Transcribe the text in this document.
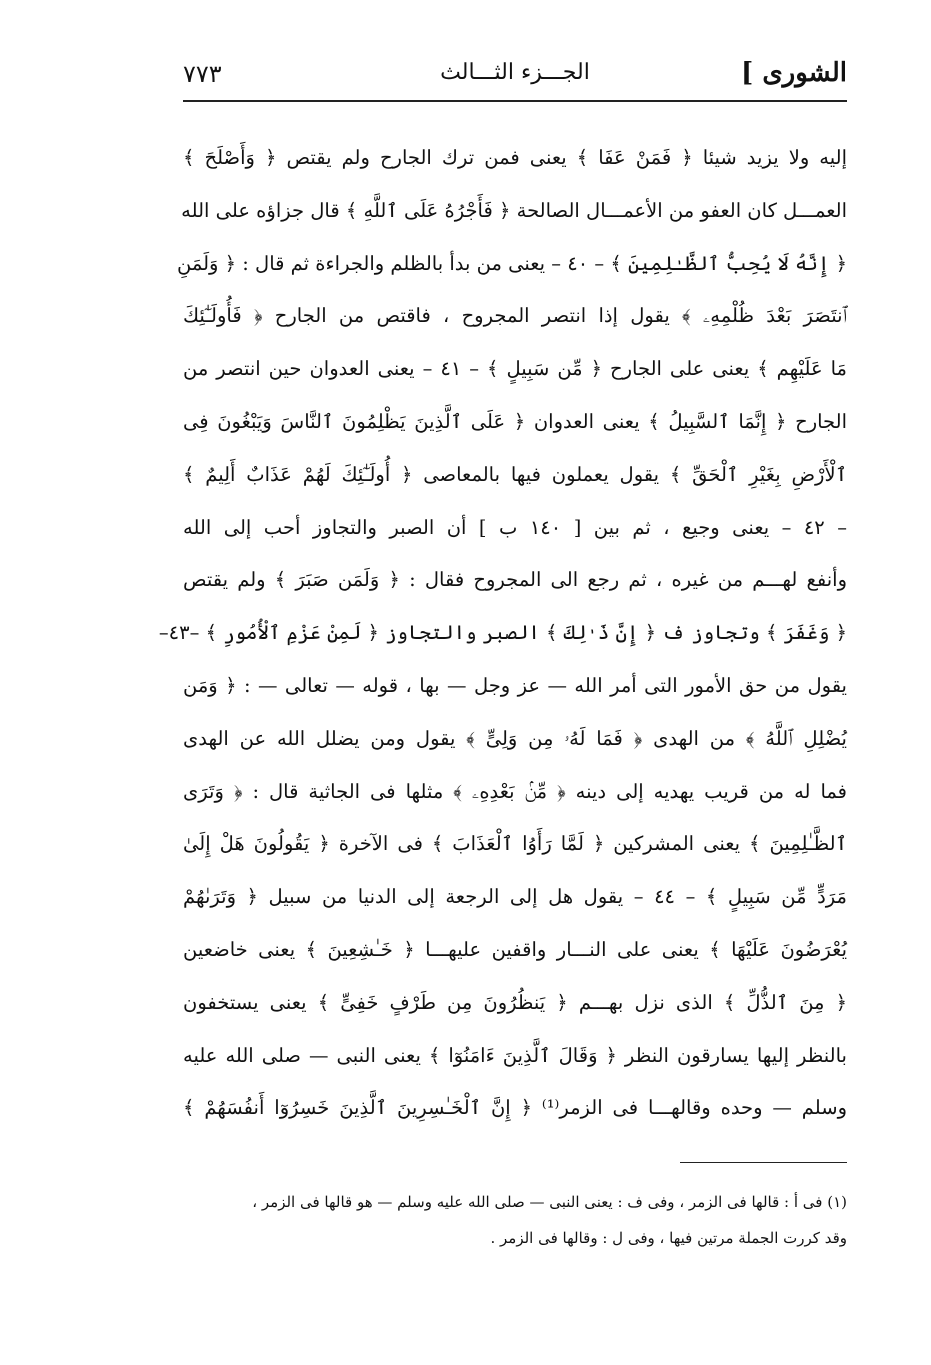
الشورى ]
الجـــزء الثـــالث
٧٧٣
إليه ولا يزيد شيئا ﴿ فَمَنْ عَفَا ﴾ يعنى فمن ترك الجارح ولم يقتص ﴿ وَأَصْلَحَ ﴾
العمـــل كان العفو من الأعمـــال الصالحة ﴿ فَأَجْرُهُ عَلَى ٱللَّهِ ﴾ قال جزاؤه على الله
﴿ إِنَّهُ لَا يُحِبُّ ٱلظَّـٰلِمِينَ ﴾ – ٤٠ – يعنى من بدأ بالظلم والجراءة ثم قال : ﴿ وَلَمَنِ
ٱنتَصَرَ بَعْدَ ظُلْمِهِۦ ﴾ يقول إذا انتصر المجروح ، فاقتص من الجارح ﴿ فَأُولَـٰٓئِكَ
مَا عَلَيْهِم ﴾ يعنى على الجارح ﴿ مِّن سَبِيلٍ ﴾ – ٤١ – يعنى العدوان حين انتصر من
الجارح ﴿ إِنَّمَا ٱلسَّبِيلُ ﴾ يعنى العدوان ﴿ عَلَى ٱلَّذِينَ يَظْلِمُونَ ٱلنَّاسَ وَيَبْغُونَ فِى
ٱلْأَرْضِ بِغَيْرِ ٱلْحَقِّ ﴾ يقول يعملون فيها بالمعاصى ﴿ أُولَـٰٓئِكَ لَهُمْ عَذَابٌ أَلِيمٌ ﴾
– ٤٢ – يعنى وجيع ، ثم بين [ ١٤٠ ب ] أن الصبر والتجاوز أحب إلى الله
وأنفع لهـــم من غيره ، ثم رجع الى المجروح فقال : ﴿ وَلَمَن صَبَرَ ﴾ ولم يقتص
﴿ وَغَفَرَ ﴾ وتجاوز ف ﴿ إِنَّ ذَ ٰلِكَ ﴾ الصبر والتجاوز ﴿ لَمِنْ عَزْمِ ٱلْأُمُورِ ﴾ –٤٣–
يقول من حق الأمور التى أمر الله — عز وجل — بها ، قوله — تعالى — : ﴿ وَمَن
يُضْلِلِ ٱللَّهُ ﴾ من الهدى ﴿ فَمَا لَهُۥ مِن وَلِىٍّ ﴾ يقول ومن يضلل الله عن الهدى
فما له من قريب يهديه إلى دينه ﴿ مِّنۢ بَعْدِهِۦ ﴾ مثلها فى الجاثية قال : ﴿ وَتَرَى
ٱلظَّـٰلِمِينَ ﴾ يعنى المشركين ﴿ لَمَّا رَأَوُا ٱلْعَذَابَ ﴾ فى الآخرة ﴿ يَقُولُونَ هَلْ إِلَىٰ
مَرَدٍّ مِّن سَبِيلٍ ﴾ – ٤٤ – يقول هل إلى الرجعة إلى الدنيا من سبيل ﴿ وَتَرَىٰهُمْ
يُعْرَضُونَ عَلَيْهَا ﴾ يعنى على النـــار واقفين عليهـــا ﴿ خَـٰشِعِينَ ﴾ يعنى خاضعين
﴿ مِنَ ٱلذُّلِّ ﴾ الذى نزل بهـــم ﴿ يَنظُرُونَ مِن طَرْفٍ خَفِىٍّ ﴾ يعنى يستخفون
بالنظر إليها يسارقون النظر ﴿ وَقَالَ ٱلَّذِينَ ءَامَنُوٓا ﴾ يعنى النبى — صلى الله عليه
وسلم — وحده وقالهـــا فى الزمر⁽¹⁾ ﴿ إِنَّ ٱلْخَـٰسِرِينَ ٱلَّذِينَ خَسِرُوٓا أَنفُسَهُمْ ﴾
(١) فى أ : قالها فى الزمر ، وفى ف : يعنى النبى — صلى الله عليه وسلم — هو قالها فى الزمر ،
وقد كررت الجملة مرتين فيها ، وفى ل : وقالها فى الزمر .
